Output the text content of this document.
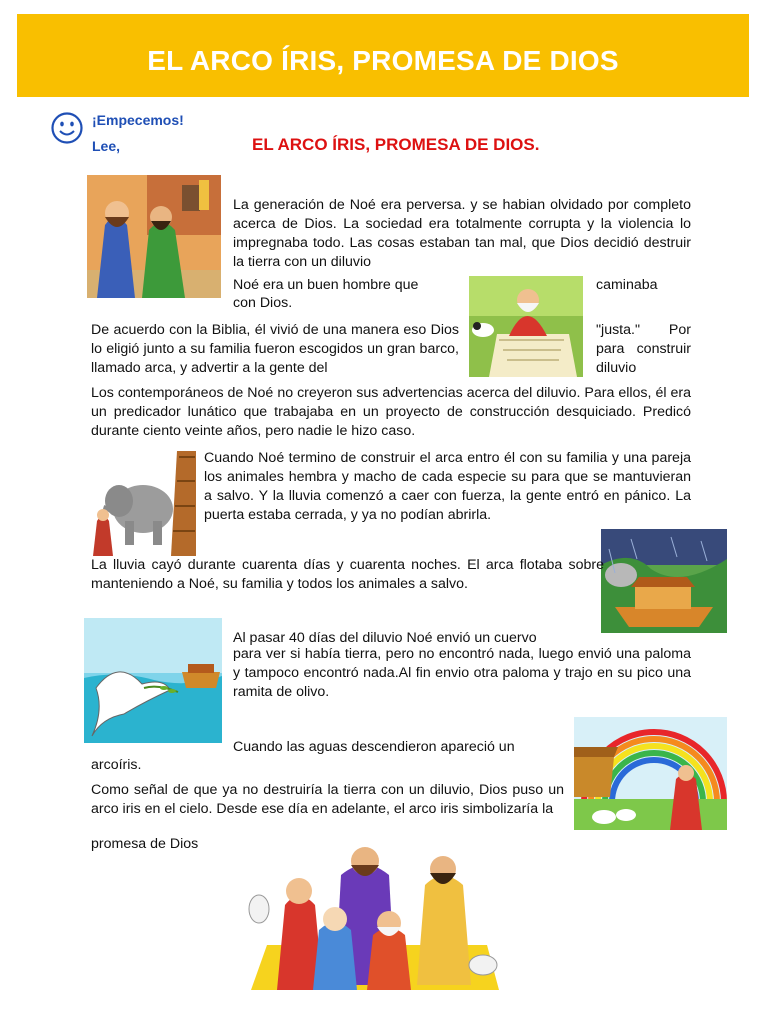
EL ARCO ÍRIS, PROMESA DE DIOS
¡Empecemos!
Lee,	EL ARCO ÍRIS, PROMESA DE DIOS.

La generación de Noé era perversa. y se habian olvidado por completo acerca de Dios. La sociedad era totalmente corrupta y la violencia lo impregnaba todo. Las cosas estaban tan mal, que Dios decidió destruir la tierra con un diluvio

Noé era un buen hombre que	caminaba
con Dios.

De acuerdo con la Biblia, él vivió de una manera eso Dios lo eligió junto a su familia fueron escogidos un gran barco, llamado arca, y advertir a la gente del

"justa." Por para construir diluvio

Los contemporáneos de Noé no creyeron sus advertencias acerca del diluvio. Para ellos, él era un predicador lunático que trabajaba en un proyecto de construcción desquiciado. Predicó durante ciento veinte años, pero nadie le hizo caso.

Cuando Noé termino de construir el arca entro él con su familia y una pareja los animales hembra y macho de cada especie su para que se mantuvieran a salvo. Y la lluvia comenzó a caer con fuerza, la gente entró en pánico. La puerta estaba cerrada, y ya no podían abrirla.

La lluvia cayó durante cuarenta días y cuarenta noches. El arca flotaba sobre manteniendo a Noé, su familia y todos los animales a salvo.

Al pasar 40 días del diluvio Noé envió un cuervo

para ver si había tierra, pero no encontró nada, luego envió una paloma y tampoco encontró nada.Al fin envio otra paloma y trajo en su pico una ramita de olivo.

Cuando las aguas descendieron apareció un
arcoíris.

Como señal de que ya no destruiría la tierra con un diluvio, Dios puso un arco iris en el cielo. Desde ese día en adelante, el arco iris simbolizaría la

promesa de Dios
